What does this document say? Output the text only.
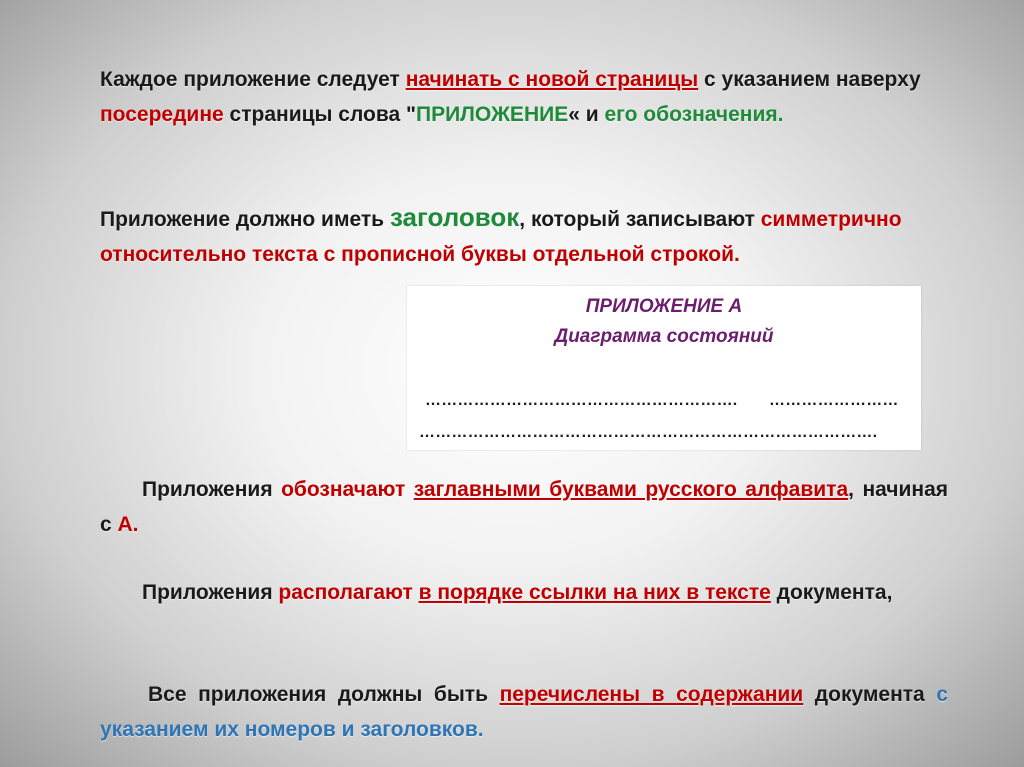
Каждое приложение следует начинать с новой страницы с указанием наверху посередине страницы слова "ПРИЛОЖЕНИЕ« и его обозначения.

Приложение должно иметь заголовок, который записывают симметрично относительно текста с прописной буквы отдельной строкой.

ПРИЛОЖЕНИЕ А
Диаграмма состояний
…………………………………………………. ……………………
………………………………………………………………………….

Приложения обозначают заглавными буквами русского алфавита, начиная с А.

Приложения располагают в порядке ссылки на них в тексте документа,

Все приложения должны быть перечислены в содержании документа с указанием их номеров и заголовков.
